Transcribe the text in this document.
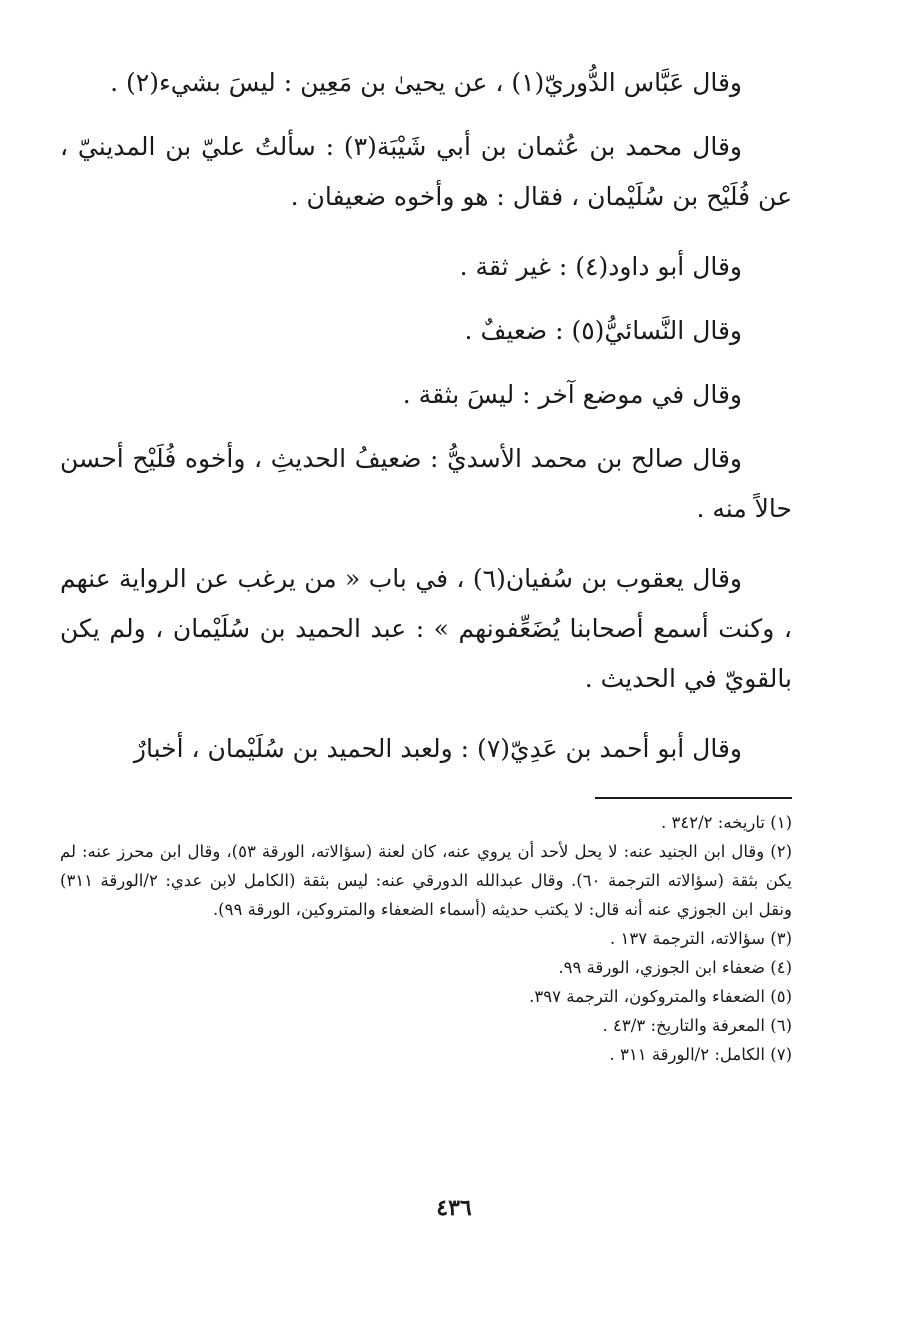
وقال عَبَّاس الدُّوريّ(١) ، عن يحيىٰ بن مَعِين : ليسَ بشيء(٢) .

وقال محمد بن عُثمان بن أبي شَيْبَة(٣) : سألتُ عليّ بن المدينيّ ، عن فُلَيْح بن سُلَيْمان ، فقال : هو وأخوه ضعيفان .

وقال أبو داود(٤) : غير ثقة .

وقال النَّسائيُّ(٥) : ضعيفٌ .

وقال في موضع آخر : ليسَ بثقة .

وقال صالح بن محمد الأسديُّ : ضعيفُ الحديثِ ، وأخوه فُلَيْح أحسن حالاً منه .

وقال يعقوب بن سُفيان(٦) ، في باب « من يرغب عن الرواية عنهم ، وكنت أسمع أصحابنا يُضَعِّفونهم » : عبد الحميد بن سُلَيْمان ، ولم يكن بالقويّ في الحديث .

وقال أبو أحمد بن عَدِيّ(٧) : ولعبد الحميد بن سُلَيْمان ، أخبارٌ

(١) تاريخه: ٣٤٢/٢ .

(٢) وقال ابن الجنيد عنه: لا يحل لأحد أن يروي عنه، كان لعنة (سؤالاته، الورقة ٥٣)، وقال ابن محرز عنه: لم يكن بثقة (سؤالاته الترجمة ٦٠). وقال عبدالله الدورقي عنه: ليس بثقة (الكامل لابن عدي: ٢/الورقة ٣١١) ونقل ابن الجوزي عنه أنه قال: لا يكتب حديثه (أسماء الضعفاء والمتروكين، الورقة ٩٩).

(٣) سؤالاته، الترجمة ١٣٧ .

(٤) ضعفاء ابن الجوزي، الورقة ٩٩.

(٥) الضعفاء والمتروكون، الترجمة ٣٩٧.

(٦) المعرفة والتاريخ: ٤٣/٣ .

(٧) الكامل: ٢/الورقة ٣١١ .

٤٣٦
